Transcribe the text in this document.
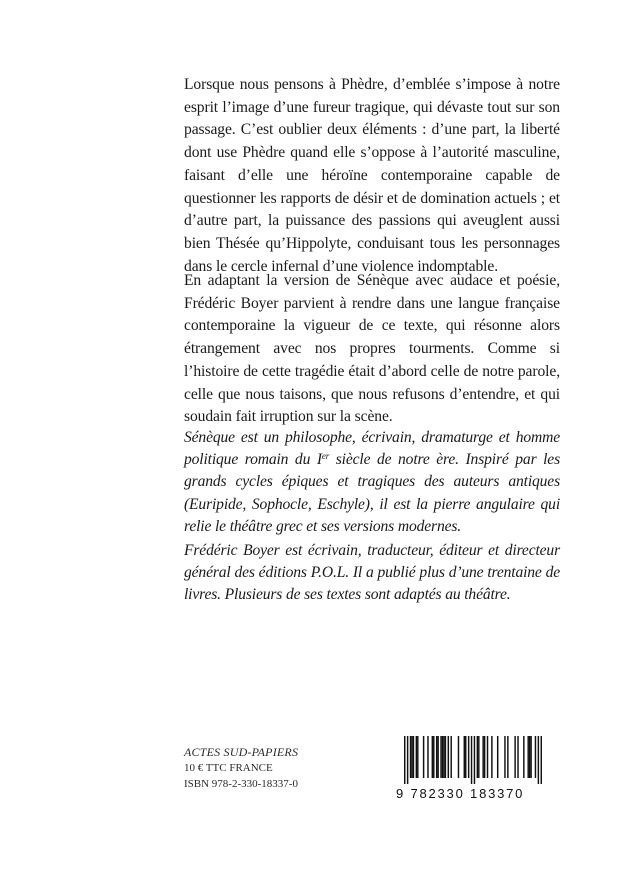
Lorsque nous pensons à Phèdre, d’emblée s’impose à notre esprit l’image d’une fureur tragique, qui dévaste tout sur son passage. C’est oublier deux éléments : d’une part, la liberté dont use Phèdre quand elle s’oppose à l’autorité masculine, faisant d’elle une héroïne contemporaine capable de questionner les rapports de désir et de domination actuels ; et d’autre part, la puissance des passions qui aveuglent aussi bien Thésée qu’Hippolyte, conduisant tous les personnages dans le cercle infernal d’une violence indomptable.

En adaptant la version de Sénèque avec audace et poésie, Frédéric Boyer parvient à rendre dans une langue française contemporaine la vigueur de ce texte, qui résonne alors étrangement avec nos propres tourments. Comme si l’histoire de cette tragédie était d’abord celle de notre parole, celle que nous taisons, que nous refusons d’entendre, et qui soudain fait irruption sur la scène.

Sénèque est un philosophe, écrivain, dramaturge et homme politique romain du Ier siècle de notre ère. Inspiré par les grands cycles épiques et tragiques des auteurs antiques (Euripide, Sophocle, Eschyle), il est la pierre angulaire qui relie le théâtre grec et ses versions modernes.

Frédéric Boyer est écrivain, traducteur, éditeur et directeur général des éditions P.O.L. Il a publié plus d’une trentaine de livres. Plusieurs de ses textes sont adaptés au théâtre.

ACTES SUD-PAPIERS
10 € TTC FRANCE
ISBN 978-2-330-18337-0
9 782330 183370
